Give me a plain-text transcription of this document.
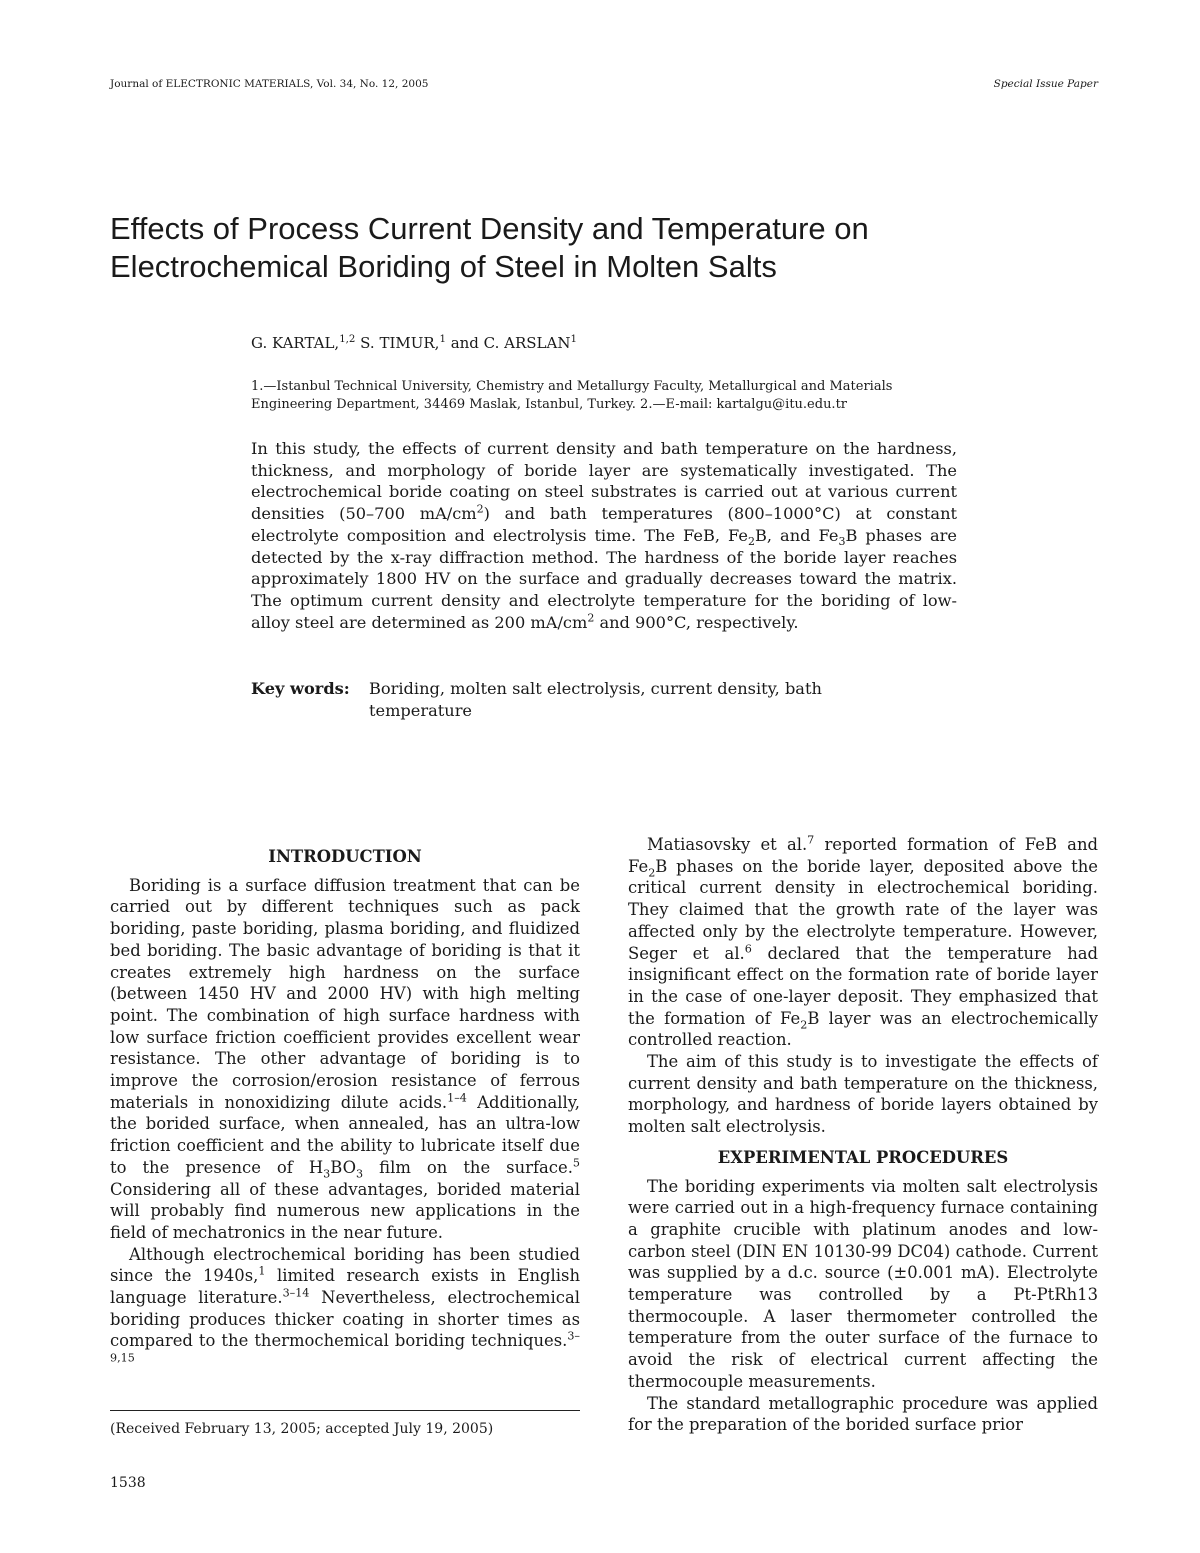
Journal of ELECTRONIC MATERIALS, Vol. 34, No. 12, 2005	Special Issue Paper
Effects of Process Current Density and Temperature on
Electrochemical Boriding of Steel in Molten Salts
G. KARTAL,$^{1,2}$ S. TIMUR,$^1$ and C. ARSLAN$^1$
1.—Istanbul Technical University, Chemistry and Metallurgy Faculty, Metallurgical and Materials
Engineering Department, 34469 Maslak, Istanbul, Turkey. 2.—E-mail: kartalgu@itu.edu.tr

In this study, the effects of current density and bath temperature on the hardness, thickness, and morphology of boride layer are systematically investigated. The electrochemical boride coating on steel substrates is carried out at various current densities (50–700 $mA/cm^2$) and bath temperatures (800–1000°C) at constant electrolyte composition and electrolysis time. The FeB, $Fe_2B$, and $Fe_3B$ phases are detected by the x-ray diffraction method. The hardness of the boride layer reaches approximately 1800 HV on the surface and gradually decreases toward the matrix. The optimum current density and electrolyte temperature for the boriding of low-alloy steel are determined as 200 $mA/cm^2$ and 900°C, respectively.

Key words: Boriding, molten salt electrolysis, current density, bath temperature
INTRODUCTION

Boriding is a surface diffusion treatment that can be carried out by different techniques such as pack boriding, paste boriding, plasma boriding, and fluidized bed boriding. The basic advantage of boriding is that it creates extremely high hardness on the surface (between 1450 HV and 2000 HV) with high melting point. The combination of high surface hardness with low surface friction coefficient provides excellent wear resistance. The other advantage of boriding is to improve the corrosion/erosion resistance of ferrous materials in nonoxidizing dilute acids.$^{1-4}$ Additionally, the borided surface, when annealed, has an ultra-low friction coefficient and the ability to lubricate itself due to the presence of $H_3BO_3$ film on the surface.$^5$ Considering all of these advantages, borided material will probably find numerous new applications in the field of mechatronics in the near future.

Although electrochemical boriding has been studied since the 1940s,$^1$ limited research exists in English language literature.$^{3-14}$ Nevertheless, electrochemical boriding produces thicker coating in shorter times as compared to the thermochemical boriding techniques.$^{3-9,15}$

Matiasovsky et al.$^7$ reported formation of FeB and $Fe_2B$ phases on the boride layer, deposited above the critical current density in electrochemical boriding. They claimed that the growth rate of the layer was affected only by the electrolyte temperature. However, Seger et al.$^6$ declared that the temperature had insignificant effect on the formation rate of boride layer in the case of one-layer deposit. They emphasized that the formation of $Fe_2B$ layer was an electrochemically controlled reaction.

The aim of this study is to investigate the effects of current density and bath temperature on the thickness, morphology, and hardness of boride layers obtained by molten salt electrolysis.

EXPERIMENTAL PROCEDURES

The boriding experiments via molten salt electrolysis were carried out in a high-frequency furnace containing a graphite crucible with platinum anodes and low-carbon steel (DIN EN 10130-99 DC04) cathode. Current was supplied by a d.c. source (±0.001 mA). Electrolyte temperature was controlled by a Pt-PtRh13 thermocouple. A laser thermometer controlled the temperature from the outer surface of the furnace to avoid the risk of electrical current affecting the thermocouple measurements.

The standard metallographic procedure was applied for the preparation of the borided surface prior

(Received February 13, 2005; accepted July 19, 2005)
1538
